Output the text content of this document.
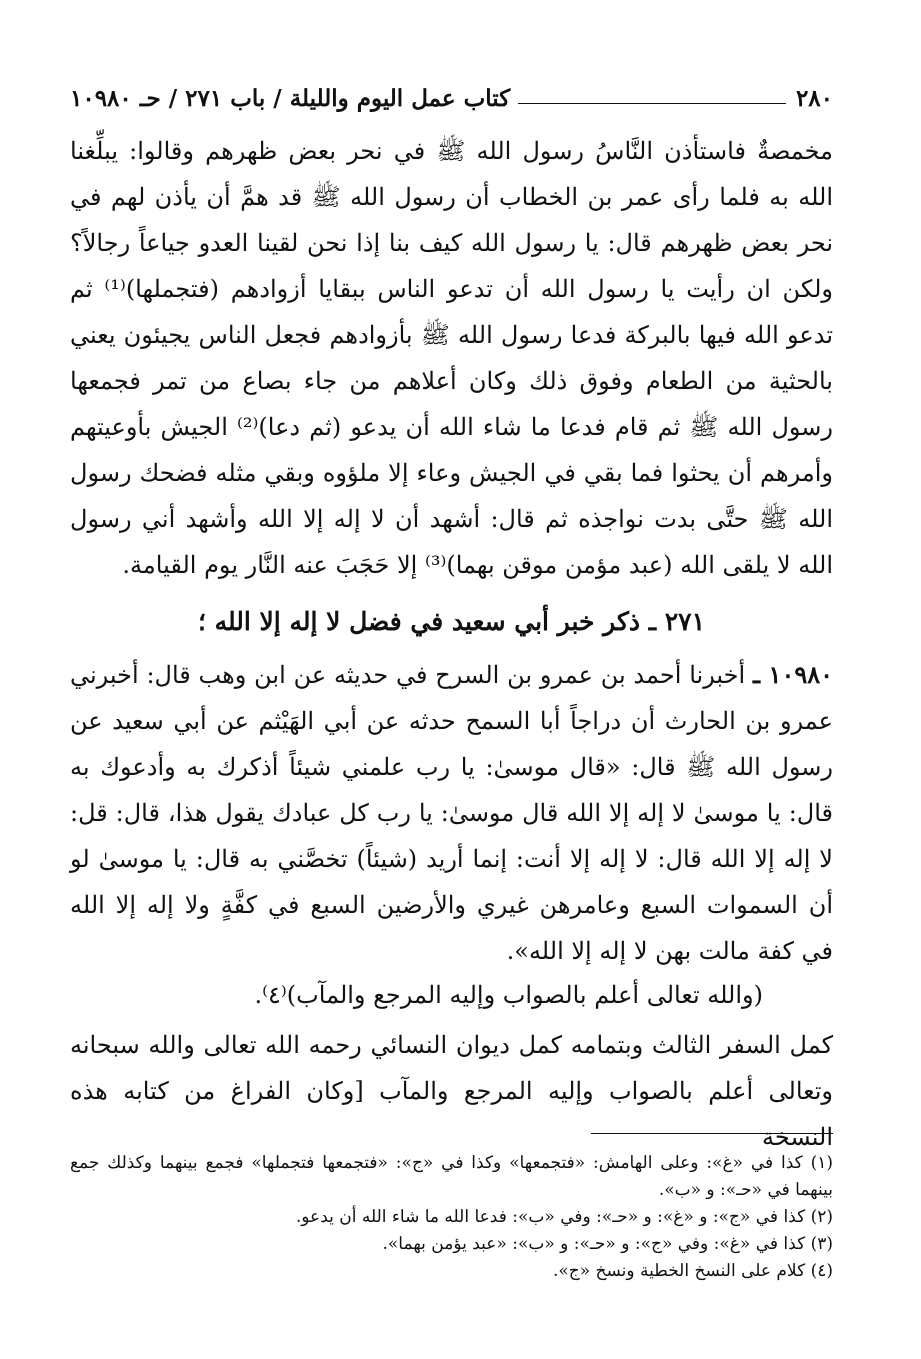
٢٨٠
كتاب عمل اليوم والليلة / باب ٢٧١ / حـ ١٠٩٨٠

مخمصةٌ فاستأذن النَّاسُ رسول الله ﷺ في نحر بعض ظهرهم وقالوا: يبلِّغنا الله به فلما رأى عمر بن الخطاب أن رسول الله ﷺ قد همَّ أن يأذن لهم في نحر بعض ظهرهم قال: يا رسول الله كيف بنا إذا نحن لقينا العدو جياعاً رجالاً؟ ولكن ان رأيت يا رسول الله أن تدعو الناس ببقايا أزوادهم (فتجملها)⁽¹⁾ ثم تدعو الله فيها بالبركة فدعا رسول الله ﷺ بأزوادهم فجعل الناس يجيئون يعني بالحثية من الطعام وفوق ذلك وكان أعلاهم من جاء بصاع من تمر فجمعها رسول الله ﷺ ثم قام فدعا ما شاء الله أن يدعو (ثم دعا)⁽²⁾ الجيش بأوعيتهم وأمرهم أن يحثوا فما بقي في الجيش وعاء إلا ملؤوه وبقي مثله فضحك رسول الله ﷺ حتَّى بدت نواجذه ثم قال: أشهد أن لا إله إلا الله وأشهد أني رسول الله لا يلقى الله (عبد مؤمن موقن بهما)⁽³⁾ إلا حَجَبَ عنه النَّار يوم القيامة.

٢٧١ ـ ذكر خبر أبي سعيد في فضل لا إله إلا الله ؛

١٠٩٨٠ ـ أخبرنا أحمد بن عمرو بن السرح في حديثه عن ابن وهب قال: أخبرني عمرو بن الحارث أن دراجاً أبا السمح حدثه عن أبي الهَيْثم عن أبي سعيد عن رسول الله ﷺ قال: «قال موسىٰ: يا رب علمني شيئاً أذكرك به وأدعوك به قال: يا موسىٰ لا إله إلا الله قال موسىٰ: يا رب كل عبادك يقول هذا، قال: قل: لا إله إلا الله قال: لا إله إلا أنت: إنما أريد (شيئاً) تخصَّني به قال: يا موسىٰ لو أن السموات السبع وعامرهن غيري والأرضين السبع في كفَّةٍ ولا إله إلا الله في كفة مالت بهن لا إله إلا الله».

(والله تعالى أعلم بالصواب وإليه المرجع والمآب)⁽٤⁾.

كمل السفر الثالث وبتمامه كمل ديوان النسائي رحمه الله تعالى والله سبحانه وتعالى أعلم بالصواب وإليه المرجع والمآب [وكان الفراغ من كتابه هذه النسخة

(١) كذا في «غ»: وعلى الهامش: «فتجمعها» وكذا في «ج»: «فتجمعها فتجملها» فجمع بينهما وكذلك جمع بينهما في «حـ»: و «ب».

(٢) كذا في «ج»: و «غ»: و «حـ»: وفي «ب»: فدعا الله ما شاء الله أن يدعو.

(٣) كذا في «غ»: وفي «ج»: و «حـ»: و «ب»: «عبد يؤمن بهما».

(٤) كلام على النسخ الخطية ونسخ «ج».
